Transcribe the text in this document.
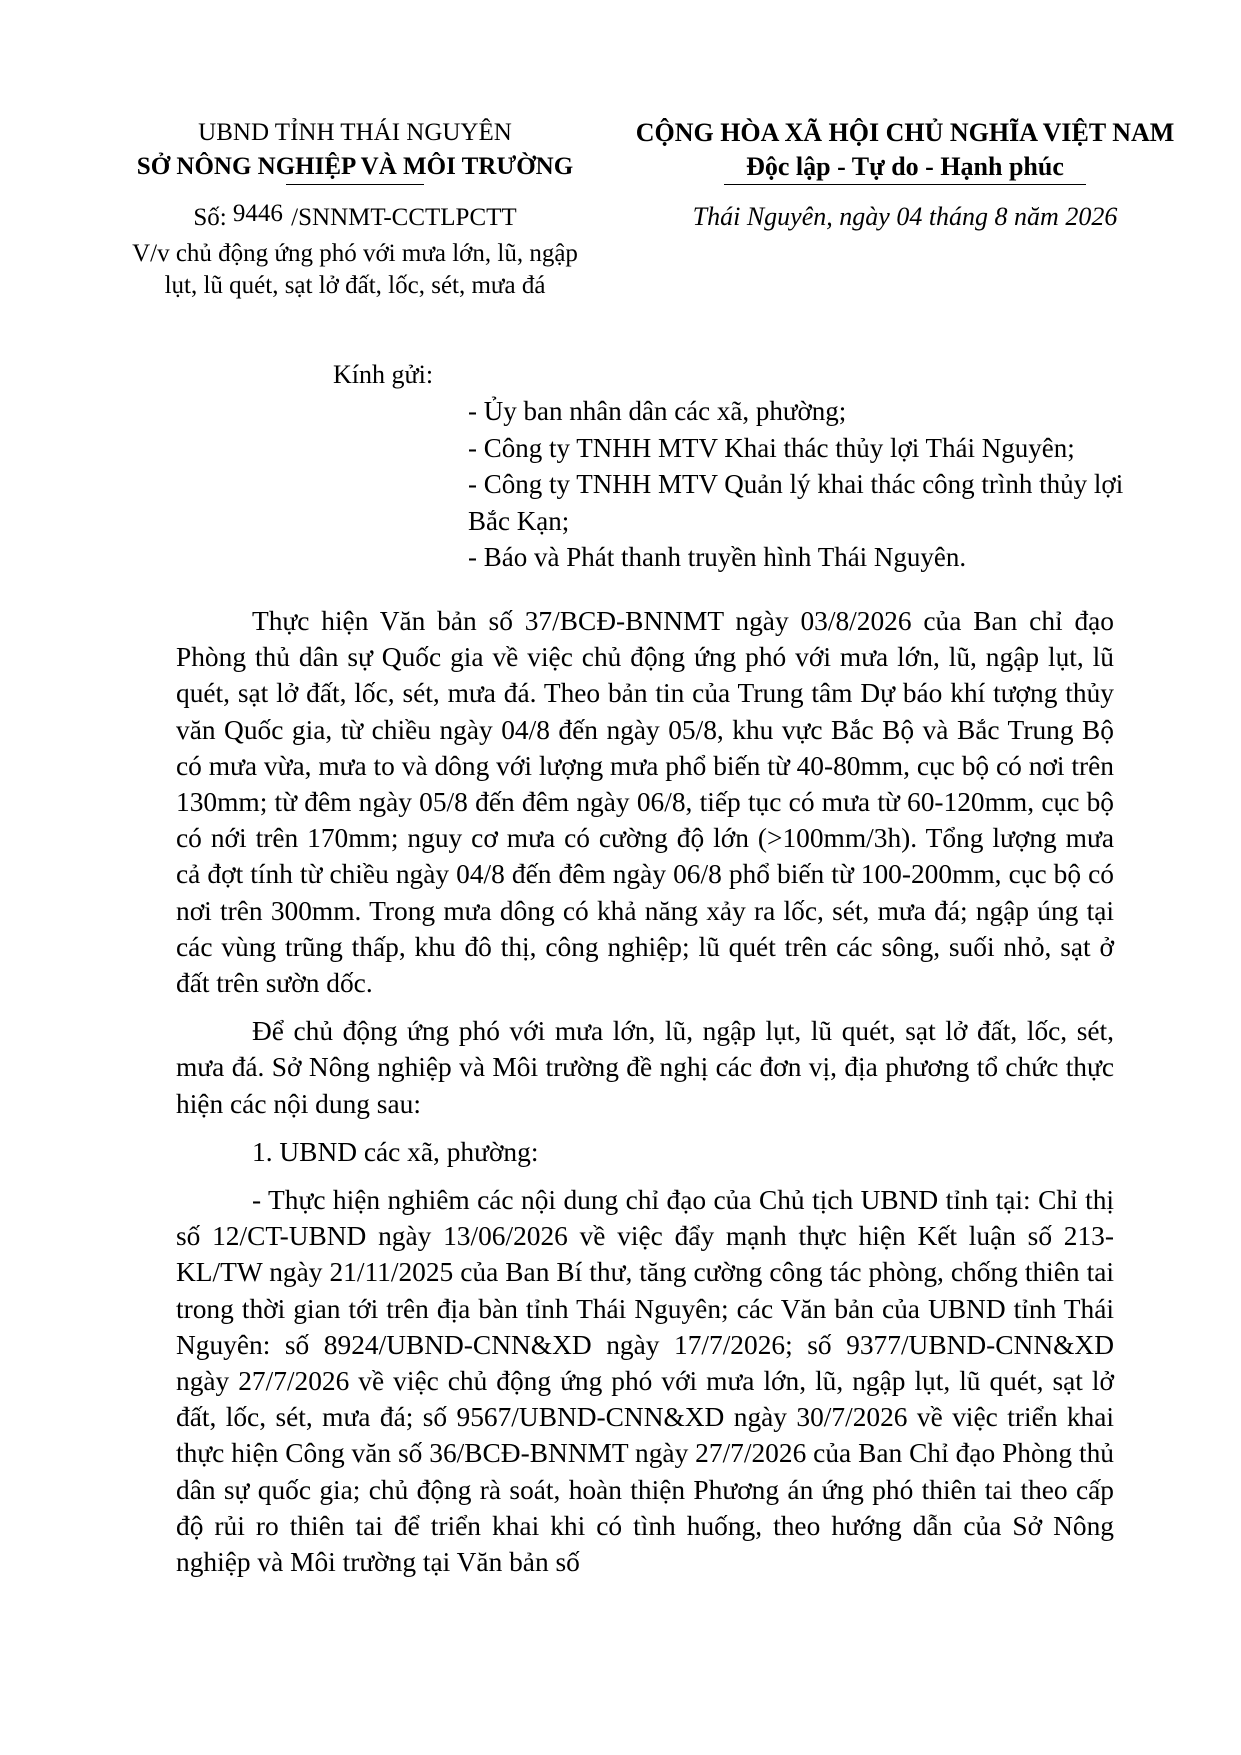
UBND TỈNH THÁI NGUYÊN
SỞ NÔNG NGHIỆP VÀ MÔI TRƯỜNG
Số: 9446 /SNNMT-CCTLPCTT
V/v chủ động ứng phó với mưa lớn, lũ, ngập
lụt, lũ quét, sạt lở đất, lốc, sét, mưa đá
CỘNG HÒA XÃ HỘI CHỦ NGHĨA VIỆT NAM
Độc lập - Tự do - Hạnh phúc
Thái Nguyên, ngày 04 tháng 8 năm 2026
Kính gửi:
- Ủy ban nhân dân các xã, phường;
- Công ty TNHH MTV Khai thác thủy lợi Thái Nguyên;
- Công ty TNHH MTV Quản lý khai thác công trình thủy lợi Bắc Kạn;
- Báo và Phát thanh truyền hình Thái Nguyên.

Thực hiện Văn bản số 37/BCĐ-BNNMT ngày 03/8/2026 của Ban chỉ đạo Phòng thủ dân sự Quốc gia về việc chủ động ứng phó với mưa lớn, lũ, ngập lụt, lũ quét, sạt lở đất, lốc, sét, mưa đá. Theo bản tin của Trung tâm Dự báo khí tượng thủy văn Quốc gia, từ chiều ngày 04/8 đến ngày 05/8, khu vực Bắc Bộ và Bắc Trung Bộ có mưa vừa, mưa to và dông với lượng mưa phổ biến từ 40-80mm, cục bộ có nơi trên 130mm; từ đêm ngày 05/8 đến đêm ngày 06/8, tiếp tục có mưa từ 60-120mm, cục bộ có nới trên 170mm; nguy cơ mưa có cường độ lớn (>100mm/3h). Tổng lượng mưa cả đợt tính từ chiều ngày 04/8 đến đêm ngày 06/8 phổ biến từ 100-200mm, cục bộ có nơi trên 300mm. Trong mưa dông có khả năng xảy ra lốc, sét, mưa đá; ngập úng tại các vùng trũng thấp, khu đô thị, công nghiệp; lũ quét trên các sông, suối nhỏ, sạt ở đất trên sườn dốc.

Để chủ động ứng phó với mưa lớn, lũ, ngập lụt, lũ quét, sạt lở đất, lốc, sét, mưa đá. Sở Nông nghiệp và Môi trường đề nghị các đơn vị, địa phương tổ chức thực hiện các nội dung sau:

1. UBND các xã, phường:

- Thực hiện nghiêm các nội dung chỉ đạo của Chủ tịch UBND tỉnh tại: Chỉ thị số 12/CT-UBND ngày 13/06/2026 về việc đẩy mạnh thực hiện Kết luận số 213-KL/TW ngày 21/11/2025 của Ban Bí thư, tăng cường công tác phòng, chống thiên tai trong thời gian tới trên địa bàn tỉnh Thái Nguyên; các Văn bản của UBND tỉnh Thái Nguyên: số 8924/UBND-CNN&XD ngày 17/7/2026; số 9377/UBND-CNN&XD ngày 27/7/2026 về việc chủ động ứng phó với mưa lớn, lũ, ngập lụt, lũ quét, sạt lở đất, lốc, sét, mưa đá; số 9567/UBND-CNN&XD ngày 30/7/2026 về việc triển khai thực hiện Công văn số 36/BCĐ-BNNMT ngày 27/7/2026 của Ban Chỉ đạo Phòng thủ dân sự quốc gia; chủ động rà soát, hoàn thiện Phương án ứng phó thiên tai theo cấp độ rủi ro thiên tai để triển khai khi có tình huống, theo hướng dẫn của Sở Nông nghiệp và Môi trường tại Văn bản số
